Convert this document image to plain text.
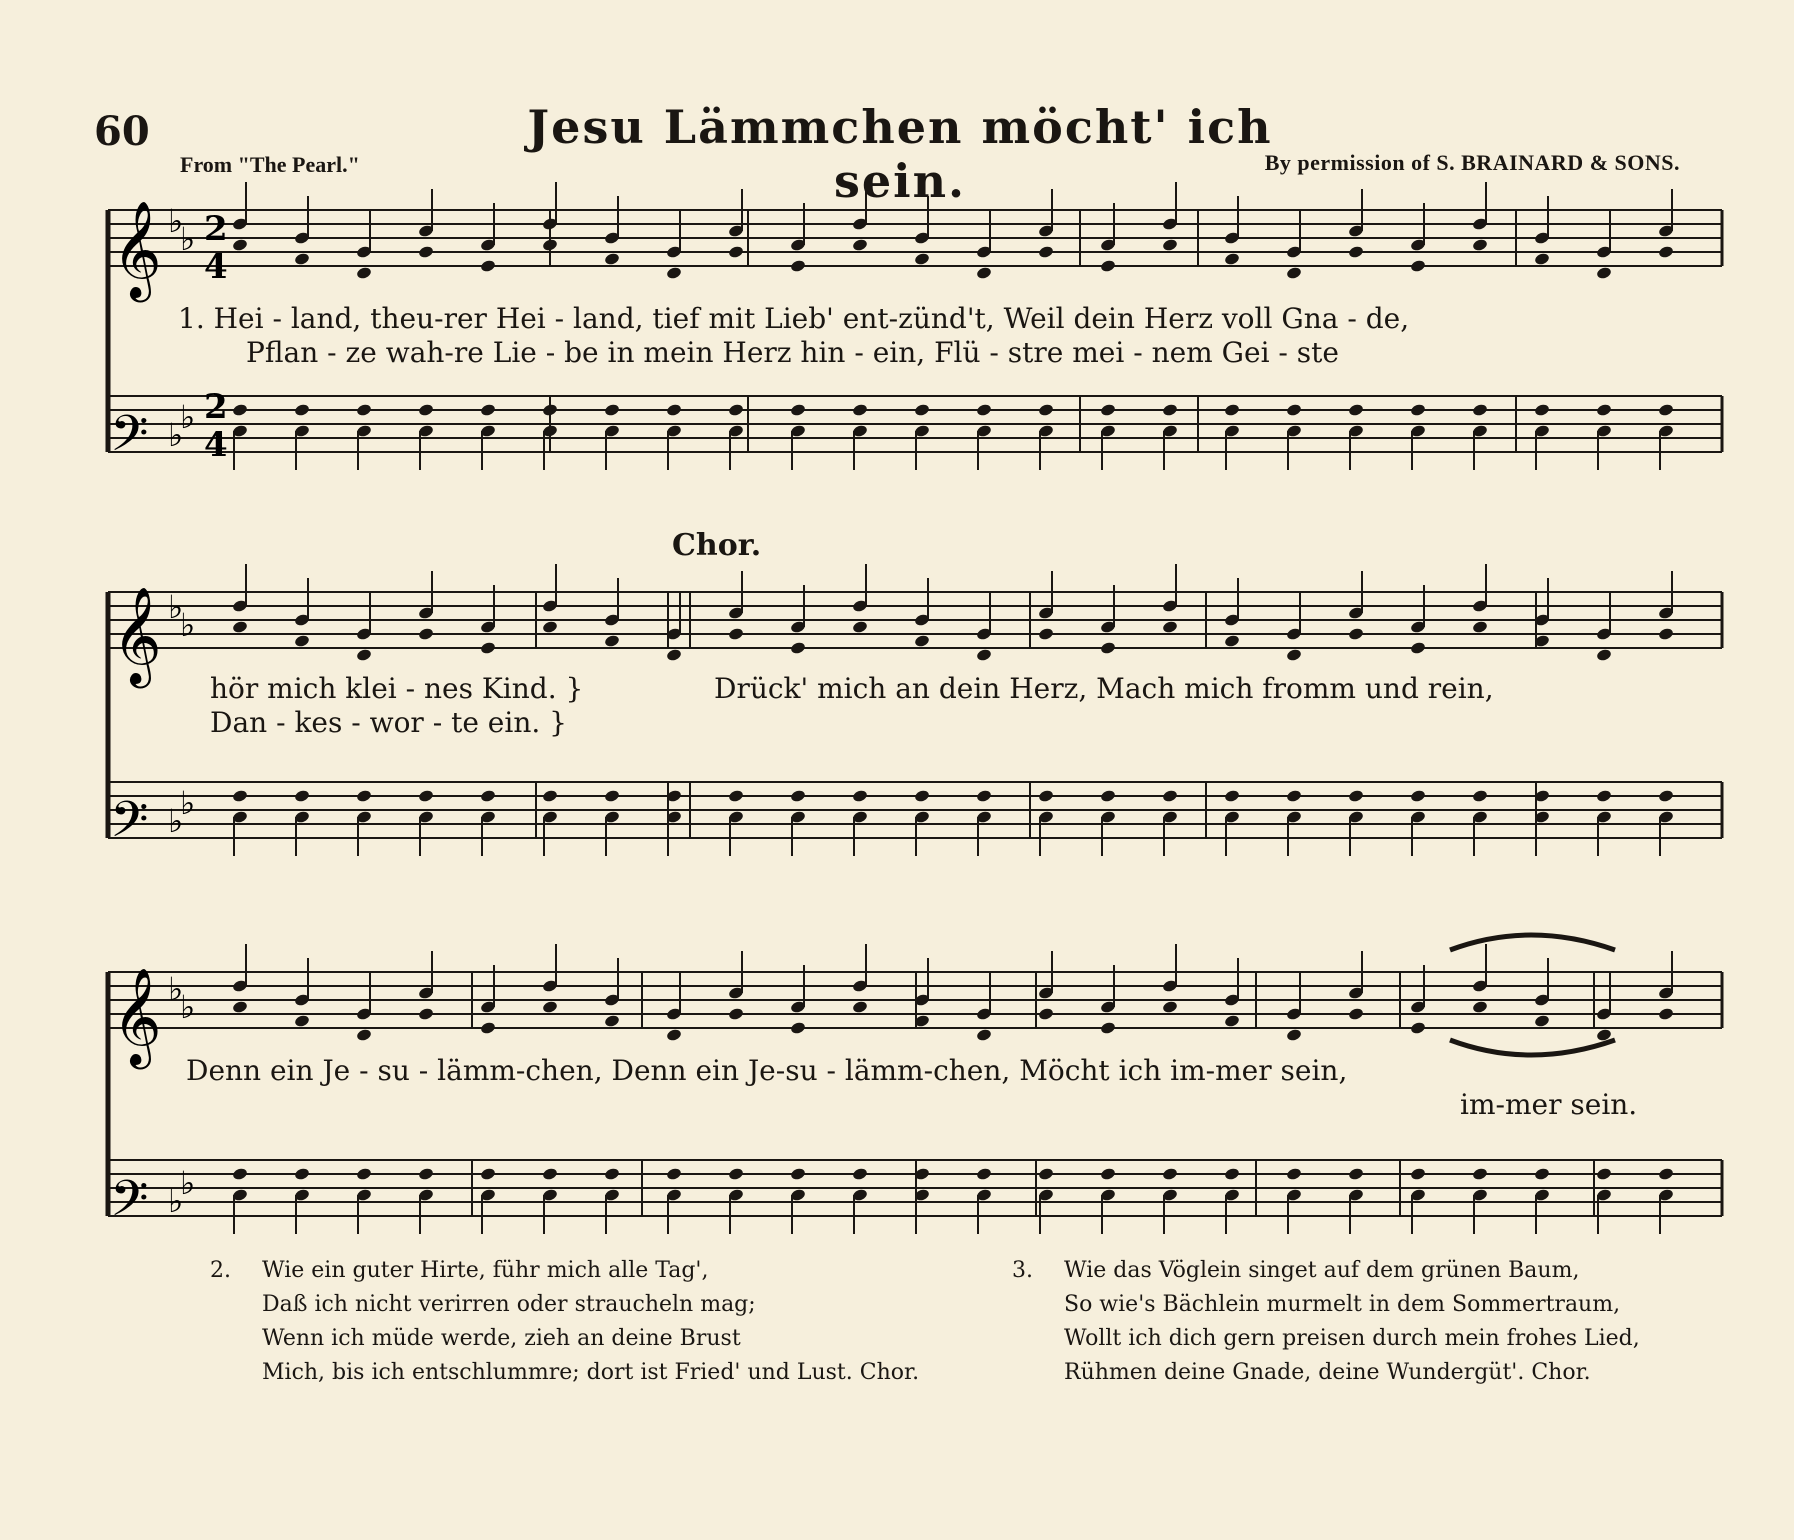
60	Jesu Lämmchen möcht' ich sein.
From "The Pearl."	By permission of S. BRAINARD & SONS.
𝄞
𝄢
♭
♭
♭
♭
2
4
2
4
𝄞
𝄢
♭
♭
♭
♭
𝄞
𝄢
♭
♭
♭
♭
1. Hei - land, theu-rer Hei - land, tief mit Lieb' ent-zünd't, Weil dein Herz voll Gna - de,
Pflan - ze wah-re Lie - be in mein Herz hin - ein, Flü - stre mei - nem Gei - ste
Chor.
hör mich klei - nes Kind. }
Dan - kes - wor - te ein. }
Drück' mich an dein Herz, Mach mich fromm und rein,
Denn ein Je - su - lämm-chen, Denn ein Je-su - lämm-chen, Möcht ich im-mer sein,
im-mer sein.
2. Wie ein guter Hirte, führ mich alle Tag',
Daß ich nicht verirren oder straucheln mag;
Wenn ich müde werde, zieh an deine Brust
Mich, bis ich entschlummre; dort ist Fried' und Lust. Chor.
3. Wie das Vöglein singet auf dem grünen Baum,
So wie's Bächlein murmelt in dem Sommertraum,
Wollt ich dich gern preisen durch mein frohes Lied,
Rühmen deine Gnade, deine Wundergüt'. Chor.
